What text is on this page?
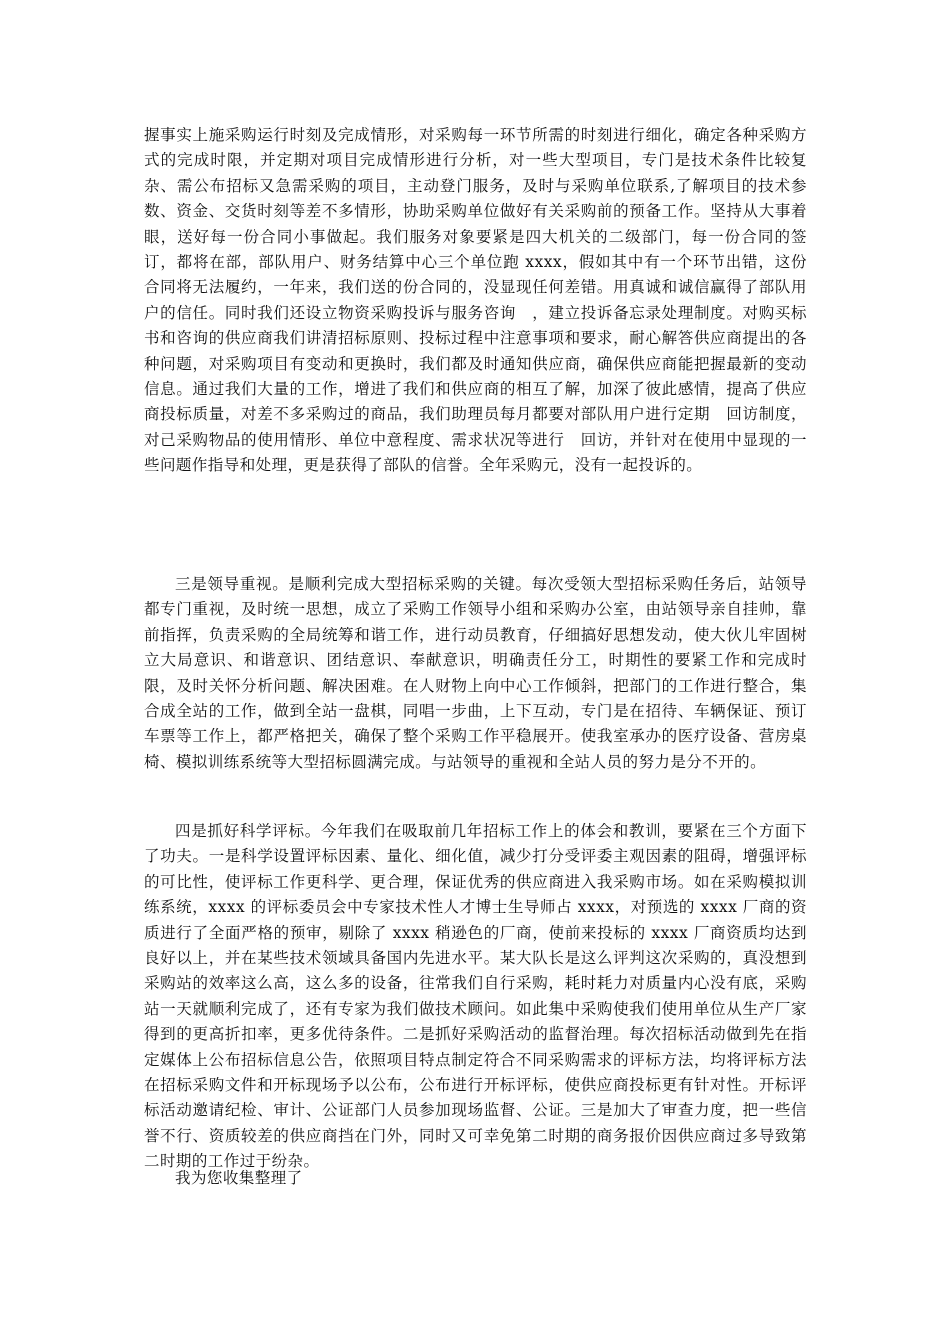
握事实上施采购运行时刻及完成情形，对采购每一环节所需的时刻进行细化，确定各种采购方式的完成时限，并定期对项目完成情形进行分析，对一些大型项目，专门是技术条件比较复杂、需公布招标又急需采购的项目，主动登门服务，及时与采购单位联系,了解项目的技术参数、资金、交货时刻等差不多情形，协助采购单位做好有关采购前的预备工作。坚持从大事着眼，送好每一份合同小事做起。我们服务对象要紧是四大机关的二级部门，每一份合同的签订，都将在部，部队用户、财务结算中心三个单位跑 xxxx，假如其中有一个环节出错，这份合同将无法履约，一年来，我们送的份合同的，没显现任何差错。用真诚和诚信赢得了部队用户的信任。同时我们还设立物资采购投诉与服务咨询　，建立投诉备忘录处理制度。对购买标书和咨询的供应商我们讲清招标原则、投标过程中注意事项和要求，耐心解答供应商提出的各种问题，对采购项目有变动和更换时，我们都及时通知供应商，确保供应商能把握最新的变动信息。通过我们大量的工作，增进了我们和供应商的相互了解，加深了彼此感情，提高了供应商投标质量，对差不多采购过的商品，我们助理员每月都要对部队用户进行定期　回访制度，对己采购物品的使用情形、单位中意程度、需求状况等进行　回访，并针对在使用中显现的一些问题作指导和处理，更是获得了部队的信誉。全年采购元，没有一起投诉的。

三是领导重视。是顺利完成大型招标采购的关键。每次受领大型招标采购任务后，站领导都专门重视，及时统一思想，成立了采购工作领导小组和采购办公室，由站领导亲自挂帅，靠前指挥，负责采购的全局统筹和谐工作，进行动员教育，仔细搞好思想发动，使大伙儿牢固树立大局意识、和谐意识、团结意识、奉献意识，明确责任分工，时期性的要紧工作和完成时限，及时关怀分析问题、解决困难。在人财物上向中心工作倾斜，把部门的工作进行整合，集合成全站的工作，做到全站一盘棋，同唱一步曲，上下互动，专门是在招待、车辆保证、预订车票等工作上，都严格把关，确保了整个采购工作平稳展开。使我室承办的医疗设备、营房桌椅、模拟训练系统等大型招标圆满完成。与站领导的重视和全站人员的努力是分不开的。

四是抓好科学评标。今年我们在吸取前几年招标工作上的体会和教训，要紧在三个方面下了功夫。一是科学设置评标因素、量化、细化值，减少打分受评委主观因素的阻碍，增强评标的可比性，使评标工作更科学、更合理，保证优秀的供应商进入我采购市场。如在采购模拟训练系统，xxxx 的评标委员会中专家技术性人才博士生导师占 xxxx，对预选的 xxxx 厂商的资质进行了全面严格的预审，剔除了 xxxx 稍逊色的厂商，使前来投标的 xxxx 厂商资质均达到良好以上，并在某些技术领域具备国内先进水平。某大队长是这么评判这次采购的，真没想到采购站的效率这么高，这么多的设备，往常我们自行采购，耗时耗力对质量内心没有底，采购站一天就顺利完成了，还有专家为我们做技术顾问。如此集中采购使我们使用单位从生产厂家得到的更高折扣率，更多优待条件。二是抓好采购活动的监督治理。每次招标活动做到先在指定媒体上公布招标信息公告，依照项目特点制定符合不同采购需求的评标方法，均将评标方法在招标采购文件和开标现场予以公布，公布进行开标评标，使供应商投标更有针对性。开标评标活动邀请纪检、审计、公证部门人员参加现场监督、公证。三是加大了审查力度，把一些信誉不行、资质较差的供应商挡在门外，同时又可幸免第二时期的商务报价因供应商过多导致第二时期的工作过于纷杂。

我为您收集整理了
